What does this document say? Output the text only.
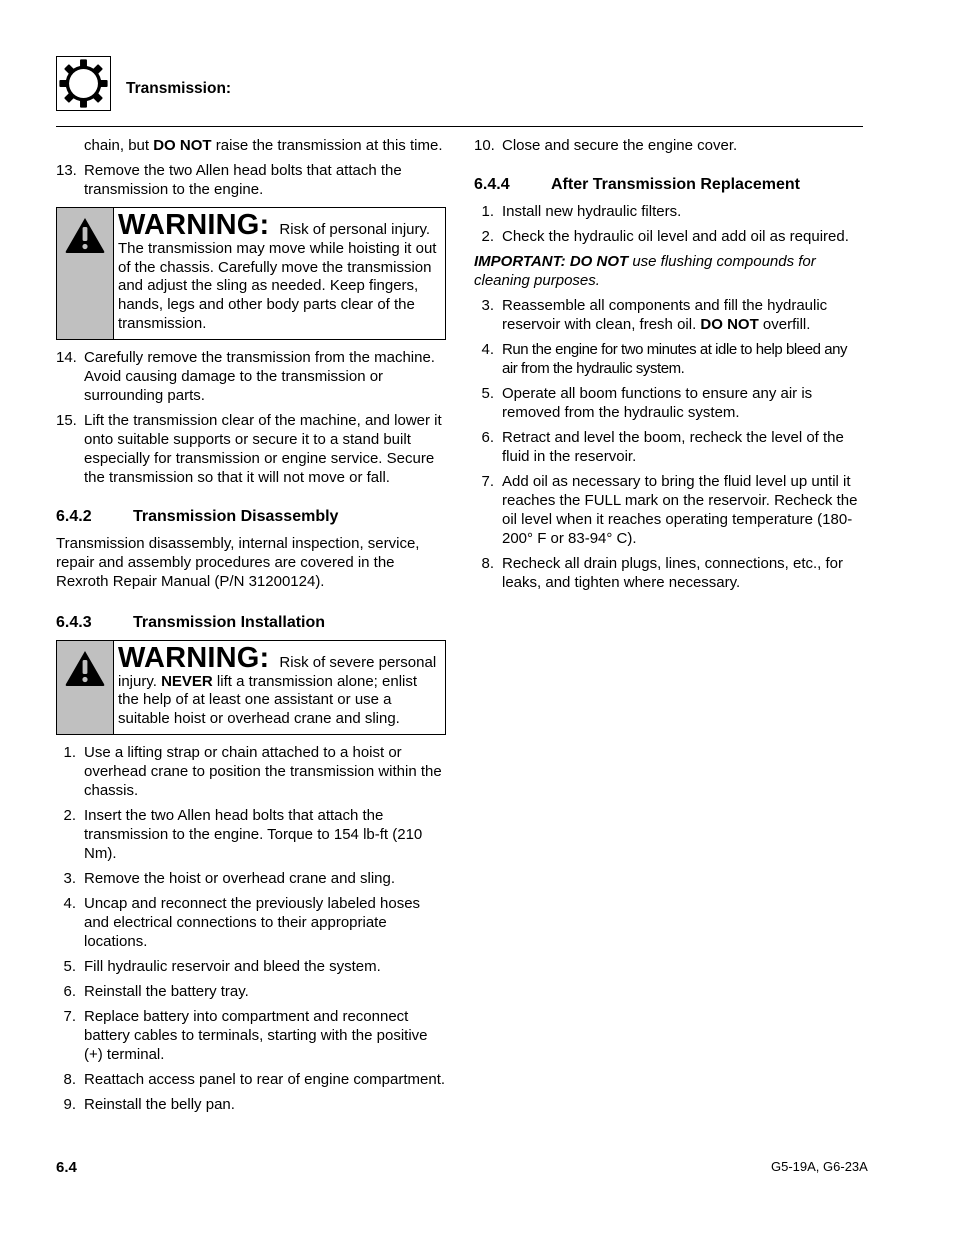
Transmission:
chain, but DO NOT raise the transmission at this time.
13. Remove the two Allen head bolts that attach the transmission to the engine.
WARNING: Risk of personal injury. The transmission may move while hoisting it out of the chassis. Carefully move the transmission and adjust the sling as needed. Keep fingers, hands, legs and other body parts clear of the transmission.
14. Carefully remove the transmission from the machine. Avoid causing damage to the transmission or surrounding parts.
15. Lift the transmission clear of the machine, and lower it onto suitable supports or secure it to a stand built especially for transmission or engine service. Secure the transmission so that it will not move or fall.
6.4.2	Transmission Disassembly
Transmission disassembly, internal inspection, service, repair and assembly procedures are covered in the Rexroth Repair Manual (P/N 31200124).
6.4.3	Transmission Installation
WARNING: Risk of severe personal injury. NEVER lift a transmission alone; enlist the help of at least one assistant or use a suitable hoist or overhead crane and sling.
1. Use a lifting strap or chain attached to a hoist or overhead crane to position the transmission within the chassis.
2. Insert the two Allen head bolts that attach the transmission to the engine. Torque to 154 lb-ft (210 Nm).
3. Remove the hoist or overhead crane and sling.
4. Uncap and reconnect the previously labeled hoses and electrical connections to their appropriate locations.
5. Fill hydraulic reservoir and bleed the system.
6. Reinstall the battery tray.
7. Replace battery into compartment and reconnect battery cables to terminals, starting with the positive (+) terminal.
8. Reattach access panel to rear of engine compartment.
9. Reinstall the belly pan.
10. Close and secure the engine cover.
6.4.4	After Transmission Replacement
1. Install new hydraulic filters.
2. Check the hydraulic oil level and add oil as required.
IMPORTANT: DO NOT use flushing compounds for cleaning purposes.
3. Reassemble all components and fill the hydraulic reservoir with clean, fresh oil. DO NOT overfill.
4. Run the engine for two minutes at idle to help bleed any air from the hydraulic system.
5. Operate all boom functions to ensure any air is removed from the hydraulic system.
6. Retract and level the boom, recheck the level of the fluid in the reservoir.
7. Add oil as necessary to bring the fluid level up until it reaches the FULL mark on the reservoir. Recheck the oil level when it reaches operating temperature (180-200° F or 83-94° C).
8. Recheck all drain plugs, lines, connections, etc., for leaks, and tighten where necessary.
6.4	G5-19A, G6-23A
